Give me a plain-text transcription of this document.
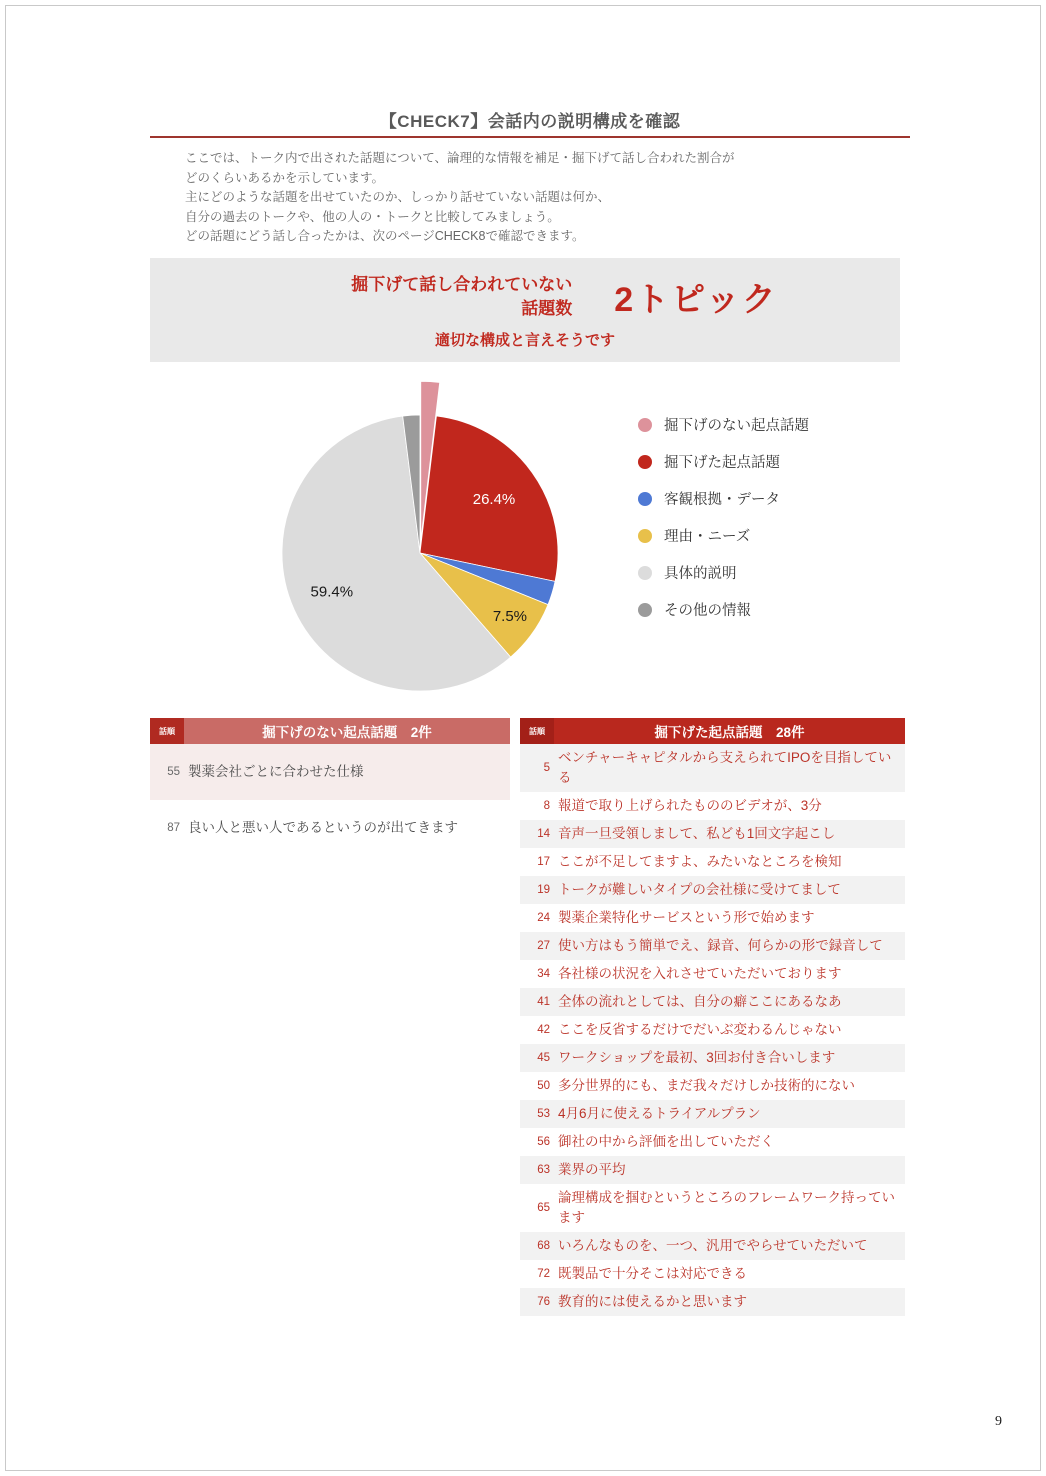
【CHECK7】会話内の説明構成を確認
ここでは、トーク内で出された話題について、論理的な情報を補足・掘下げて話し合われた割合が
どのくらいあるかを示しています。
主にどのような話題を出せていたのか、しっかり話せていない話題は何か、
自分の過去のトークや、他の人の・トークと比較してみましょう。
どの話題にどう話し合ったかは、次のページCHECK8で確認できます。
掘下げて話し合われていない
話題数 2トピック
適切な構成と言えそうです
26.4%
7.5%
59.4%
掘下げのない起点話題
掘下げた起点話題
客観根拠・データ
理由・ニーズ
具体的説明
その他の情報
話順	掘下げのない起点話題　2件
55 製薬会社ごとに合わせた仕様
87 良い人と悪い人であるというのが出てきます
話順	掘下げた起点話題　28件
5
ベンチャーキャピタルから支えられてIPOを目指している
8 報道で取り上げられたもののビデオが、3分
14 音声一旦受領しまして、私ども1回文字起こし
17 ここが不足してますよ、みたいなところを検知
19 トークが難しいタイプの会社様に受けてまして
24 製薬企業特化サービスという形で始めます
27 使い方はもう簡単でえ、録音、何らかの形で録音して
34 各社様の状況を入れさせていただいております
41 全体の流れとしては、自分の癖ここにあるなあ
42 ここを反省するだけでだいぶ変わるんじゃない
45 ワークショップを最初、3回お付き合いします
50 多分世界的にも、まだ我々だけしか技術的にない
53 4月6月に使えるトライアルプラン
56 御社の中から評価を出していただく
63 業界の平均
65
論理構成を掴むというところのフレームワーク持っています
68 いろんなものを、一つ、汎用でやらせていただいて
72 既製品で十分そこは対応できる
76 教育的には使えるかと思います
9
